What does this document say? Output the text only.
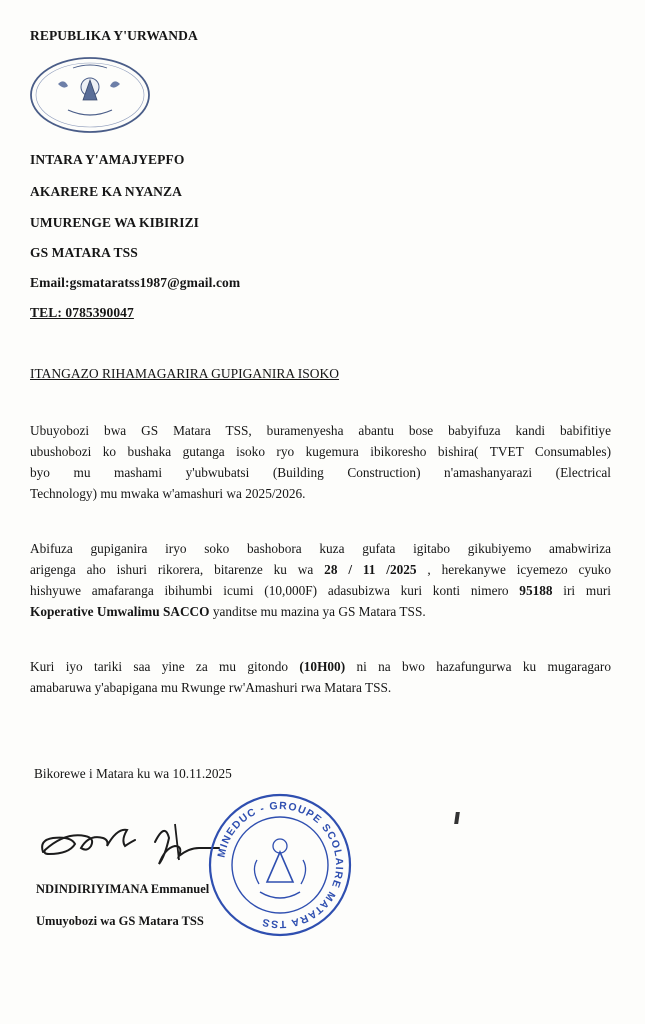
REPUBLIKA Y'URWANDA
INTARA Y'AMAJYEPFO
AKARERE KA NYANZA
UMURENGE WA KIBIRIZI
GS MATARA TSS
Email:gsmataratss1987@gmail.com
TEL: 0785390047
ITANGAZO RIHAMAGARIRA GUPIGANIRA ISOKO
Ubuyobozi bwa GS Matara TSS, buramenyesha abantu bose babyifuza kandi babifitiye
ubushobozi ko bushaka gutanga isoko ryo kugemura ibikoresho bishira( TVET Consumables)
byo mu mashami y'ubwubatsi (Building Construction) n'amashanyarazi (Electrical
Technology) mu mwaka w'amashuri wa 2025/2026.
Abifuza gupiganira iryo soko bashobora kuza gufata igitabo gikubiyemo amabwiriza
arigenga aho ishuri rikorera, bitarenze ku wa 28 / 11 /2025 , herekanywe icyemezo cyuko
hishyuwe amafaranga ibihumbi icumi (10,000F) adasubizwa kuri konti nimero 95188 iri muri
Koperative Umwalimu SACCO yanditse mu mazina ya GS Matara TSS.
Kuri iyo tariki saa yine za mu gitondo (10H00) ni na bwo hazafungurwa ku mugaragaro
amabaruwa y'abapigana mu Rwunge rw'Amashuri rwa Matara TSS.
Bikorewe i Matara ku wa 10.11.2025
MINEDUC - GROUPE SCOLAIRE MATARA TSS
NDINDIRIYIMANA Emmanuel
Umuyobozi wa GS Matara TSS
